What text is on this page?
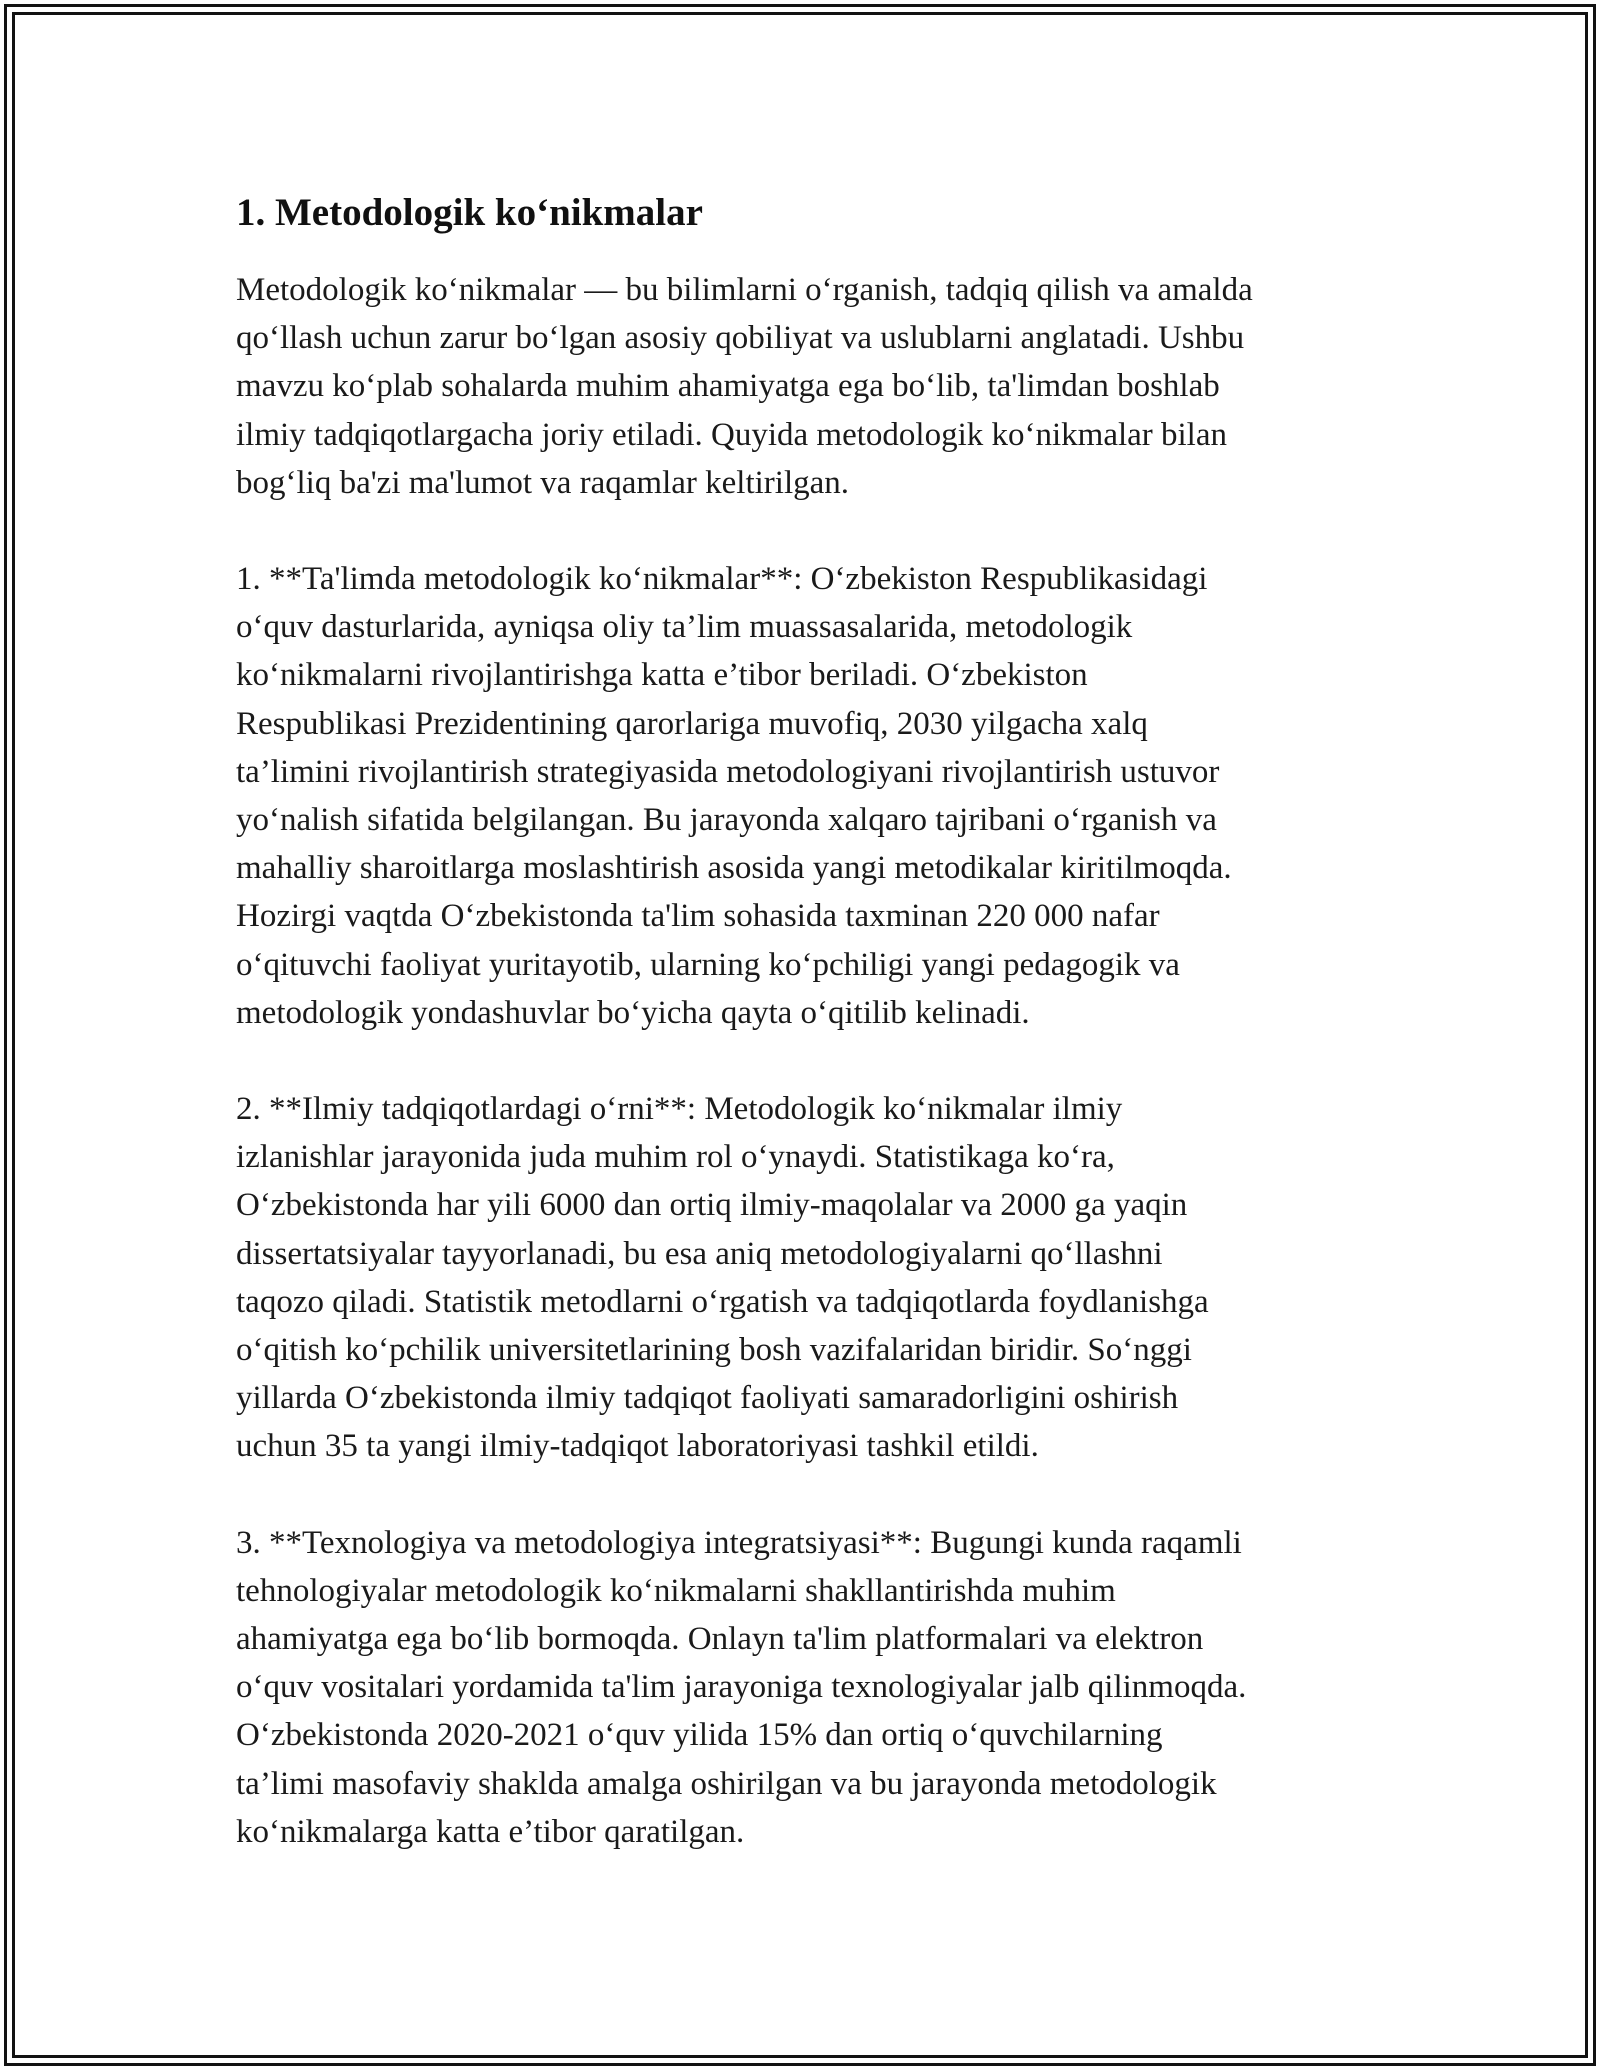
1. Metodologik ko‘nikmalar

Metodologik ko‘nikmalar — bu bilimlarni o‘rganish, tadqiq qilish va amalda
qo‘llash uchun zarur bo‘lgan asosiy qobiliyat va uslublarni anglatadi. Ushbu
mavzu ko‘plab sohalarda muhim ahamiyatga ega bo‘lib, ta'limdan boshlab
ilmiy tadqiqotlargacha joriy etiladi. Quyida metodologik ko‘nikmalar bilan
bog‘liq ba'zi ma'lumot va raqamlar keltirilgan.

1. **Ta'limda metodologik ko‘nikmalar**: O‘zbekiston Respublikasidagi
o‘quv dasturlarida, ayniqsa oliy ta’lim muassasalarida, metodologik
ko‘nikmalarni rivojlantirishga katta e’tibor beriladi. O‘zbekiston
Respublikasi Prezidentining qarorlariga muvofiq, 2030 yilgacha xalq
ta’limini rivojlantirish strategiyasida metodologiyani rivojlantirish ustuvor
yo‘nalish sifatida belgilangan. Bu jarayonda xalqaro tajribani o‘rganish va
mahalliy sharoitlarga moslashtirish asosida yangi metodikalar kiritilmoqda.
Hozirgi vaqtda O‘zbekistonda ta'lim sohasida taxminan 220 000 nafar
o‘qituvchi faoliyat yuritayotib, ularning ko‘pchiligi yangi pedagogik va
metodologik yondashuvlar bo‘yicha qayta o‘qitilib kelinadi.

2. **Ilmiy tadqiqotlardagi o‘rni**: Metodologik ko‘nikmalar ilmiy
izlanishlar jarayonida juda muhim rol o‘ynaydi. Statistikaga ko‘ra,
O‘zbekistonda har yili 6000 dan ortiq ilmiy-maqolalar va 2000 ga yaqin
dissertatsiyalar tayyorlanadi, bu esa aniq metodologiyalarni qo‘llashni
taqozo qiladi. Statistik metodlarni o‘rgatish va tadqiqotlarda foydlanishga
o‘qitish ko‘pchilik universitetlarining bosh vazifalaridan biridir. So‘nggi
yillarda O‘zbekistonda ilmiy tadqiqot faoliyati samaradorligini oshirish
uchun 35 ta yangi ilmiy-tadqiqot laboratoriyasi tashkil etildi.

3. **Texnologiya va metodologiya integratsiyasi**: Bugungi kunda raqamli
tehnologiyalar metodologik ko‘nikmalarni shakllantirishda muhim
ahamiyatga ega bo‘lib bormoqda. Onlayn ta'lim platformalari va elektron
o‘quv vositalari yordamida ta'lim jarayoniga texnologiyalar jalb qilinmoqda.
O‘zbekistonda 2020-2021 o‘quv yilida 15% dan ortiq o‘quvchilarning
ta’limi masofaviy shaklda amalga oshirilgan va bu jarayonda metodologik
ko‘nikmalarga katta e’tibor qaratilgan.
